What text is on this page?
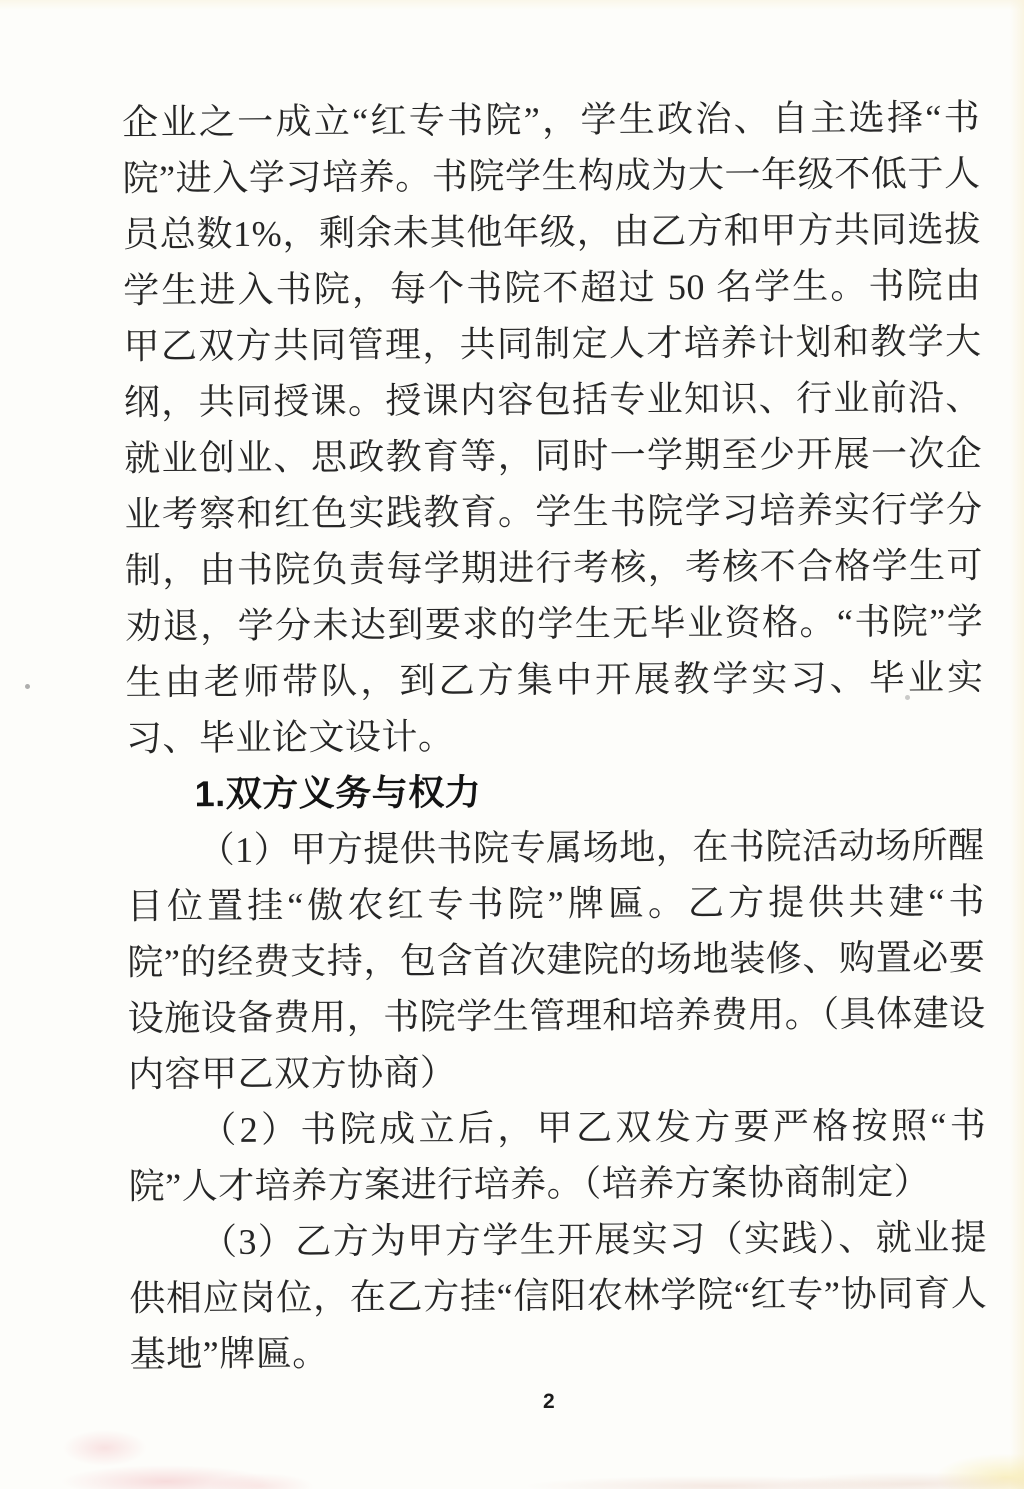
企业之一成立“红专书院”，学生政治、自主选择“书院”进入学习培养。书院学生构成为大一年级不低于人员总数1%，剩余未其他年级，由乙方和甲方共同选拔学生进入书院，每个书院不超过 50 名学生。书院由甲乙双方共同管理，共同制定人才培养计划和教学大纲，共同授课。授课内容包括专业知识、行业前沿、就业创业、思政教育等，同时一学期至少开展一次企业考察和红色实践教育。学生书院学习培养实行学分制，由书院负责每学期进行考核，考核不合格学生可劝退，学分未达到要求的学生无毕业资格。“书院”学生由老师带队，到乙方集中开展教学实习、毕业实习、毕业论文设计。

1.双方义务与权力

（1）甲方提供书院专属场地，在书院活动场所醒目位置挂“傲农红专书院”牌匾。乙方提供共建“书院”的经费支持，包含首次建院的场地装修、购置必要设施设备费用，书院学生管理和培养费用。（具体建设内容甲乙双方协商）

（2）书院成立后，甲乙双发方要严格按照“书院”人才培养方案进行培养。（培养方案协商制定）

（3）乙方为甲方学生开展实习（实践）、就业提供相应岗位，在乙方挂“信阳农林学院“红专”协同育人基地”牌匾。

2
